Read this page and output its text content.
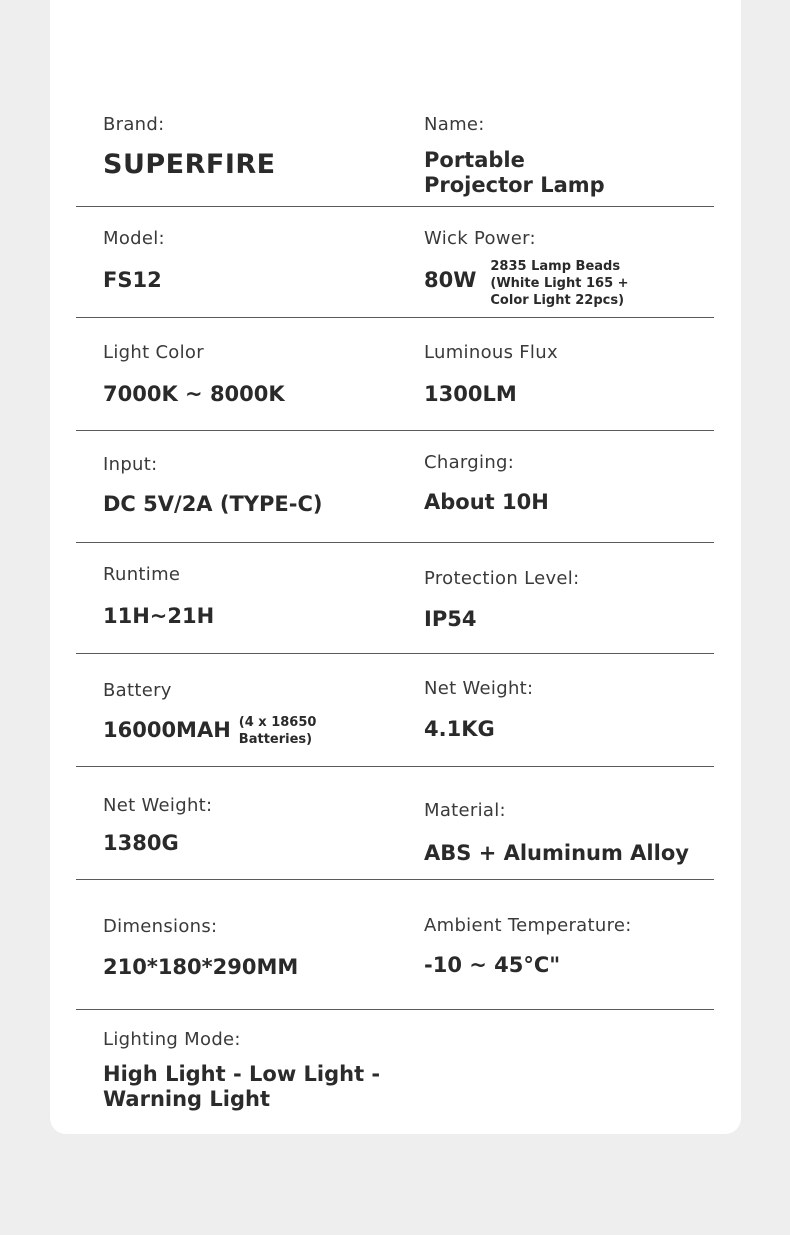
Brand:
SUPERFIRE
Name:
Portable
Projector Lamp
Model:
FS12
Wick Power:
80W
2835 Lamp Beads
(White Light 165 +
Color Light 22pcs)
Light Color
7000K ~ 8000K
Luminous Flux
1300LM
Input:
DC 5V/2A (TYPE-C)
Charging:
About 10H
Runtime
11H~21H
Protection Level:
IP54
Battery
16000MAH (4 x 18650
Batteries)
Net Weight:
4.1KG
Net Weight:
1380G
Material:
ABS + Aluminum Alloy
Dimensions:
210*180*290MM
Ambient Temperature:
-10 ~ 45°C"
Lighting Mode:
High Light - Low Light -
Warning Light
